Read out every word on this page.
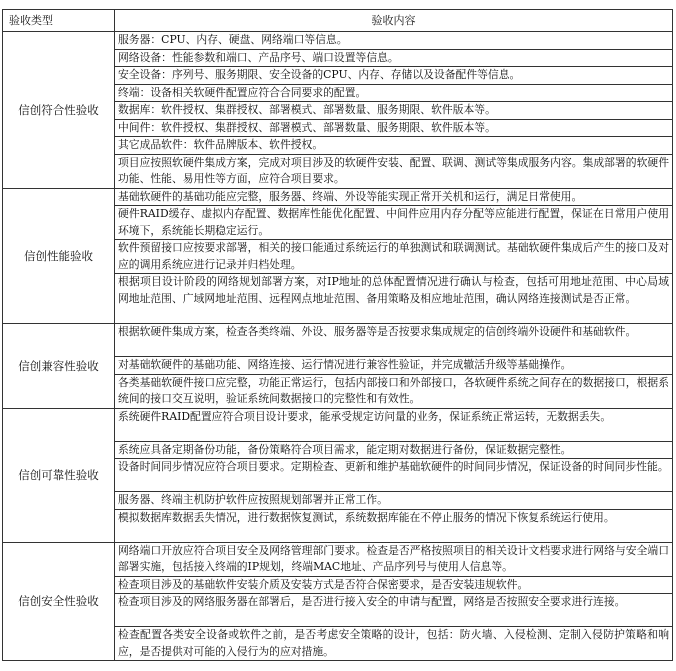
验收类型	验收内容
信创符合性验收	服务器：CPU、内存、硬盘、网络端口等信息。
	网络设备：性能参数和端口、产品序号、端口设置等信息。
	安全设备：序列号、服务期限、安全设备的CPU、内存、存储以及设备配件等信息。
	终端：设备相关软硬件配置应符合合同要求的配置。
	数据库：软件授权、集群授权、部署模式、部署数量、服务期限、软件版本等。
	中间件：软件授权、集群授权、部署模式、部署数量、服务期限、软件版本等。
	其它成品软件：软件品牌版本、软件授权。
	项目应按照软硬件集成方案，完成对项目涉及的软硬件安装、配置、联调、测试等集成服务内容。集成部署的软硬件功能、性能、易用性等方面，应符合项目要求。
信创性能验收	基础软硬件的基础功能应完整，服务器、终端、外设等能实现正常开关机和运行，满足日常使用。
	硬件RAID缓存、虚拟内存配置、数据库性能优化配置、中间件应用内存分配等应能进行配置，保证在日常用户使用环境下，系统能长期稳定运行。
	软件预留接口应按要求部署，相关的接口能通过系统运行的单独测试和联调测试。基础软硬件集成后产生的接口及对应的调用系统应进行记录并归档处理。
	根据项目设计阶段的网络规划部署方案，对IP地址的总体配置情况进行确认与检查，包括可用地址范围、中心局域网地址范围、广域网地址范围、远程网点地址范围、备用策略及相应地址范围，确认网络连接测试是否正常。
信创兼容性验收	根据软硬件集成方案，检查各类终端、外设、服务器等是否按要求集成规定的信创终端外设硬件和基础软件。
	对基础软硬件的基础功能、网络连接、运行情况进行兼容性验证，并完成辙活升级等基础操作。
	各类基础软硬件接口应完整，功能正常运行，包括内部接口和外部接口，各软硬件系统之间存在的数据接口，根据系统间的接口交互说明，验证系统间数据接口的完整性和有效性。
信创可靠性验收	系统硬件RAID配置应符合项目设计要求，能承受规定访问量的业务，保证系统正常运转，无数据丢失。
	系统应具备定期备份功能，备份策略符合项目需求，能定期对数据进行备份，保证数据完整性。
	设备时间同步情况应符合项目要求。定期检查、更新和维护基础软硬件的时间同步情况，保证设备的时间同步性能。
	服务器、终端主机防护软件应按照规划部署并正常工作。
	模拟数据库数据丢失情况，进行数据恢复测试，系统数据库能在不停止服务的情况下恢复系统运行使用。
信创安全性验收	网络端口开放应符合项目安全及网络管理部门要求。检查是否严格按照项目的相关设计文档要求进行网络与安全端口部署实施，包括接入终端的IP规划，终端MAC地址、产品序列号与使用人信息等。
	检查项目涉及的基础软件安装介质及安装方式是否符合保密要求，是否安装违规软件。
	检查项目涉及的网络服务器在部署后，是否进行接入安全的申请与配置，网络是否按照安全要求进行连接。
	检查配置各类安全设备或软件之前，是否考虑安全策略的设计，包括：防火墙、入侵检测、定制入侵防护策略和响应，是否提供对可能的入侵行为的应对措施。
